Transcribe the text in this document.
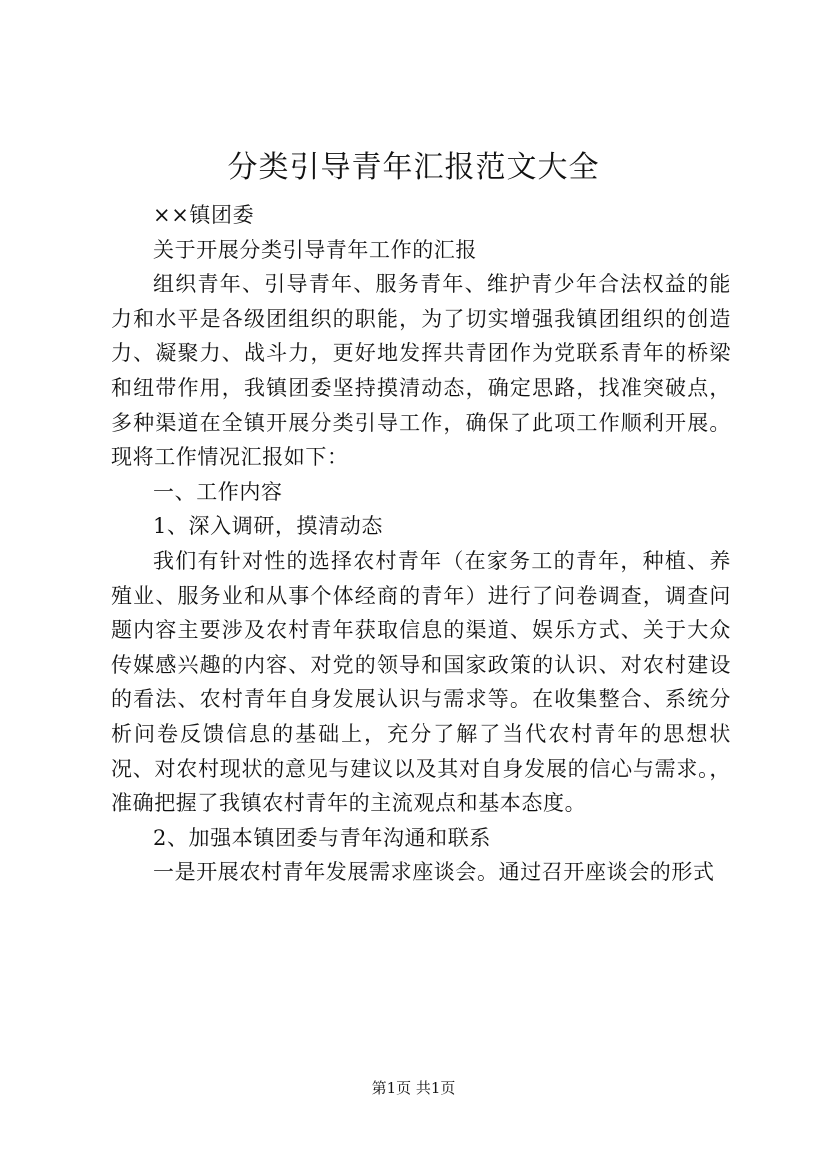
分类引导青年汇报范文大全

××镇团委

关于开展分类引导青年工作的汇报

组织青年、引导青年、服务青年、维护青少年合法权益的能力和水平是各级团组织的职能，为了切实增强我镇团组织的创造力、凝聚力、战斗力，更好地发挥共青团作为党联系青年的桥梁和纽带作用，我镇团委坚持摸清动态，确定思路，找准突破点，多种渠道在全镇开展分类引导工作，确保了此项工作顺利开展。现将工作情况汇报如下：

一、工作内容

1、深入调研，摸清动态

我们有针对性的选择农村青年（在家务工的青年，种植、养殖业、服务业和从事个体经商的青年）进行了问卷调查，调查问题内容主要涉及农村青年获取信息的渠道、娱乐方式、关于大众传媒感兴趣的内容、对党的领导和国家政策的认识、对农村建设的看法、农村青年自身发展认识与需求等。在收集整合、系统分析问卷反馈信息的基础上，充分了解了当代农村青年的思想状况、对农村现状的意见与建议以及其对自身发展的信心与需求。，准确把握了我镇农村青年的主流观点和基本态度。

2、加强本镇团委与青年沟通和联系

一是开展农村青年发展需求座谈会。通过召开座谈会的形式

第1页 共1页
